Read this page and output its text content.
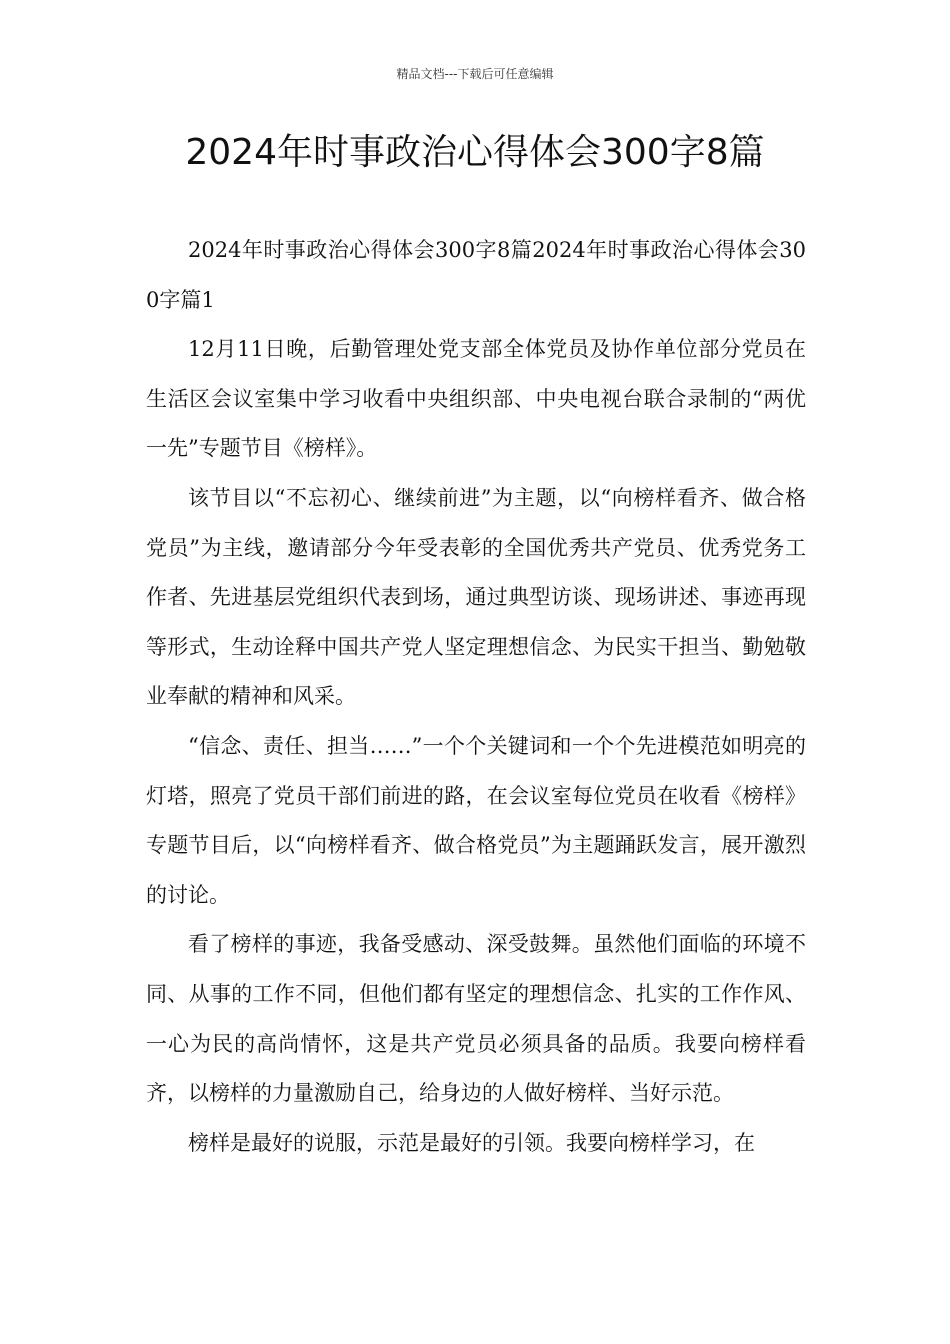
精品文档---下载后可任意编辑
2024年时事政治心得体会300字8篇

2024年时事政治心得体会300字8篇2024年时事政治心得体会300字篇1

12月11日晚，后勤管理处党支部全体党员及协作单位部分党员在生活区会议室集中学习收看中央组织部、中央电视台联合录制的“两优一先”专题节目《榜样》。

该节目以“不忘初心、继续前进”为主题，以“向榜样看齐、做合格党员”为主线，邀请部分今年受表彰的全国优秀共产党员、优秀党务工作者、先进基层党组织代表到场，通过典型访谈、现场讲述、事迹再现等形式，生动诠释中国共产党人坚定理想信念、为民实干担当、勤勉敬业奉献的精神和风采。

“信念、责任、担当……”一个个关键词和一个个先进模范如明亮的灯塔，照亮了党员干部们前进的路，在会议室每位党员在收看《榜样》专题节目后，以“向榜样看齐、做合格党员”为主题踊跃发言，展开激烈的讨论。

看了榜样的事迹，我备受感动、深受鼓舞。虽然他们面临的环境不同、从事的工作不同，但他们都有坚定的理想信念、扎实的工作作风、一心为民的高尚情怀，这是共产党员必须具备的品质。我要向榜样看齐，以榜样的力量激励自己，给身边的人做好榜样、当好示范。

榜样是最好的说服，示范是最好的引领。我要向榜样学习，在
